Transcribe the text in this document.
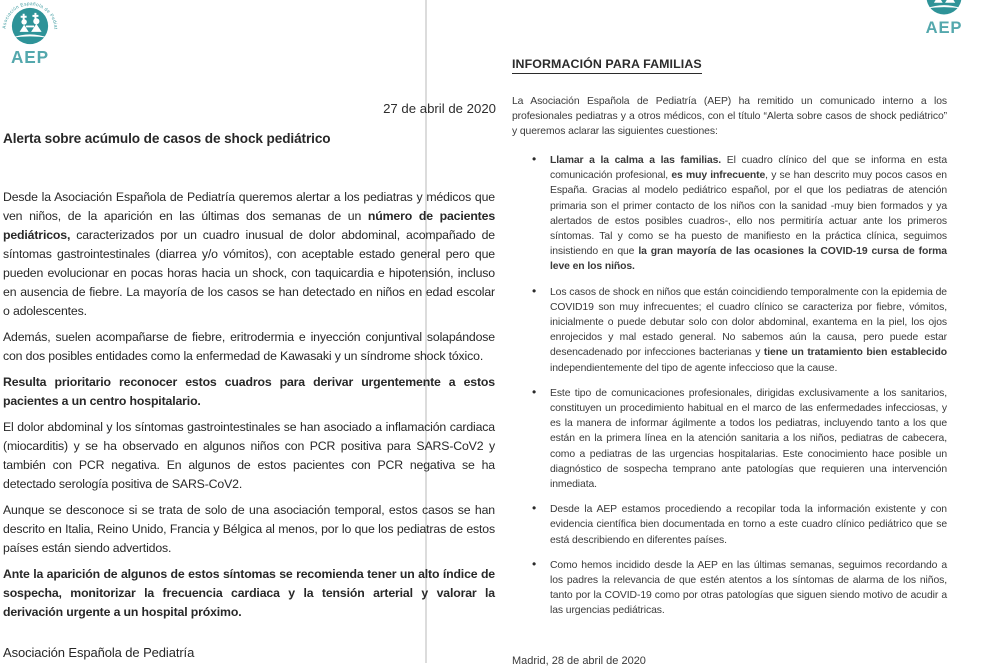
Asociación Española de Pediat
AEP
27 de abril de 2020
Alerta sobre acúmulo de casos de shock pediátrico

Desde la Asociación Española de Pediatría queremos alertar a los pediatras y médicos que ven niños, de la aparición en las últimas dos semanas de un número de pacientes pediátricos, caracterizados por un cuadro inusual de dolor abdominal, acompañado de síntomas gastrointestinales (diarrea y/o vómitos), con aceptable estado general pero que pueden evolucionar en pocas horas hacia un shock, con taquicardia e hipotensión, incluso en ausencia de fiebre. La mayoría de los casos se han detectado en niños en edad escolar o adolescentes.

Además, suelen acompañarse de fiebre, eritrodermia e inyección conjuntival solapándose con dos posibles entidades como la enfermedad de Kawasaki y un síndrome shock tóxico.

Resulta prioritario reconocer estos cuadros para derivar urgentemente a estos pacientes a un centro hospitalario.

El dolor abdominal y los síntomas gastrointestinales se han asociado a inflamación cardiaca (miocarditis) y se ha observado en algunos niños con PCR positiva para SARS-CoV2 y también con PCR negativa. En algunos de estos pacientes con PCR negativa se ha detectado serología positiva de SARS-CoV2.

Aunque se desconoce si se trata de solo de una asociación temporal, estos casos se han descrito en Italia, Reino Unido, Francia y Bélgica al menos, por lo que los pediatras de estos países están siendo advertidos.

Ante la aparición de algunos de estos síntomas se recomienda tener un alto índice de sospecha, monitorizar la frecuencia cardiaca y la tensión arterial y valorar la derivación urgente a un hospital próximo.

Asociación Española de Pediatría
AEP
INFORMACIÓN PARA FAMILIAS

La Asociación Española de Pediatría (AEP) ha remitido un comunicado interno a los profesionales pediatras y a otros médicos, con el título “Alerta sobre casos de shock pediátrico” y queremos aclarar las siguientes cuestiones:

• Llamar a la calma a las familias. El cuadro clínico del que se informa en esta comunicación profesional, es muy infrecuente, y se han descrito muy pocos casos en España. Gracias al modelo pediátrico español, por el que los pediatras de atención primaria son el primer contacto de los niños con la sanidad -muy bien formados y ya alertados de estos posibles cuadros-, ello nos permitiría actuar ante los primeros síntomas. Tal y como se ha puesto de manifiesto en la práctica clínica, seguimos insistiendo en que la gran mayoría de las ocasiones la COVID-19 cursa de forma leve en los niños.
• Los casos de shock en niños que están coincidiendo temporalmente con la epidemia de COVID19 son muy infrecuentes; el cuadro clínico se caracteriza por fiebre, vómitos, inicialmente o puede debutar solo con dolor abdominal, exantema en la piel, los ojos enrojecidos y mal estado general. No sabemos aún la causa, pero puede estar desencadenado por infecciones bacterianas y tiene un tratamiento bien establecido independientemente del tipo de agente infeccioso que la cause.
• Este tipo de comunicaciones profesionales, dirigidas exclusivamente a los sanitarios, constituyen un procedimiento habitual en el marco de las enfermedades infecciosas, y es la manera de informar ágilmente a todos los pediatras, incluyendo tanto a los que están en la primera línea en la atención sanitaria a los niños, pediatras de cabecera, como a pediatras de las urgencias hospitalarias. Este conocimiento hace posible un diagnóstico de sospecha temprano ante patologías que requieren una intervención inmediata.
• Desde la AEP estamos procediendo a recopilar toda la información existente y con evidencia científica bien documentada en torno a este cuadro clínico pediátrico que se está describiendo en diferentes países.
• Como hemos incidido desde la AEP en las últimas semanas, seguimos recordando a los padres la relevancia de que estén atentos a los síntomas de alarma de los niños, tanto por la COVID-19 como por otras patologías que siguen siendo motivo de acudir a las urgencias pediátricas.
Madrid, 28 de abril de 2020
